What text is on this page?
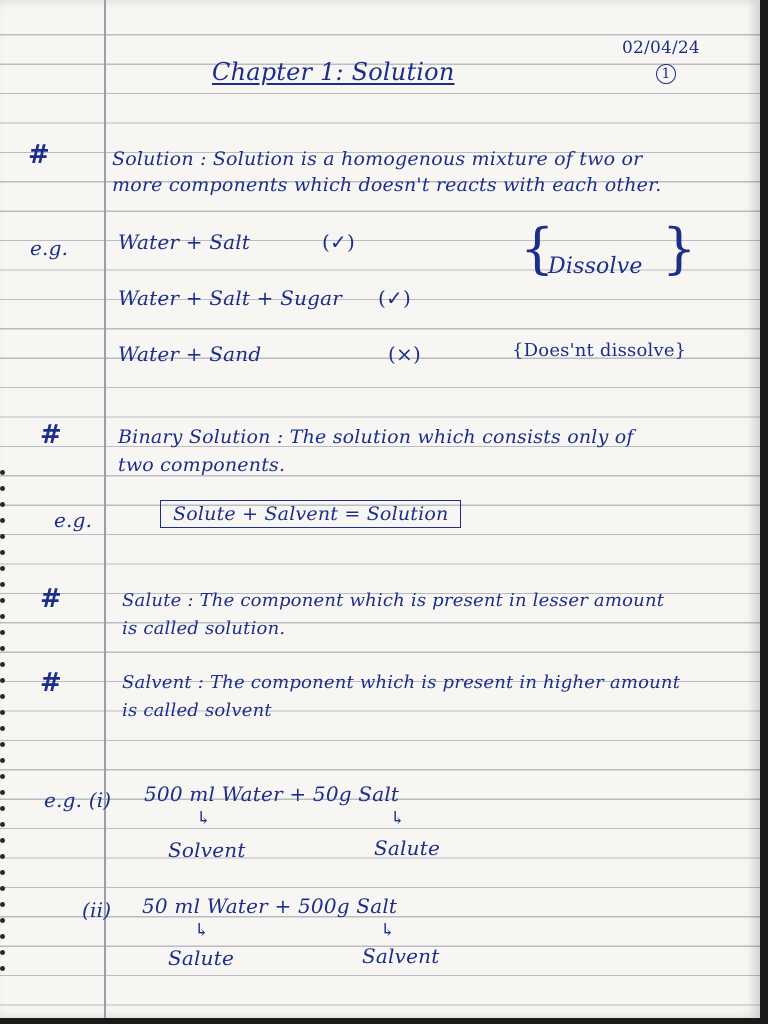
02/04/24
1
Chapter 1: Solution
#	Solution : Solution is a homogenous mixture of two or
more components which doesn't reacts with each other.
e.g. Water + Salt	(✓)
Water + Salt + Sugar (✓)
Water + Sand	(×)
{
Dissolve }
{Does'nt dissolve}
#	Binary Solution : The solution which consists only of
two components.
e.g.	Solute + Salvent = Solution
#	Salute : The component which is present in lesser amount
is called solution.
#	Salvent : The component which is present in higher amount
is called solvent
e.g. (i) 500 ml Water + 50g Salt
↳
Solvent
↳
Salute
(ii) 50 ml Water + 500g Salt
↳
Salute
↳
Salvent
